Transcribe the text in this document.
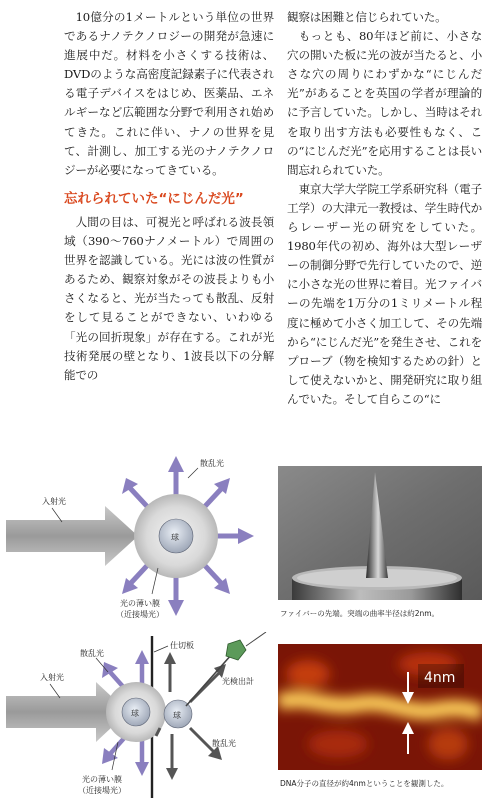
10億分の1メートルという単位の世界であるナノテクノロジーの開発が急速に進展中だ。材料を小さくする技術は、DVDのような高密度記録素子に代表される電子デバイスをはじめ、医薬品、エネルギーなど広範囲な分野で利用され始めてきた。これに伴い、ナノの世界を見て、計測し、加工する光のナノテクノロジーが必要になってきている。

忘れられていた“にじんだ光”

人間の目は、可視光と呼ばれる波長領域（390～760ナノメートル）で周囲の世界を認識している。光には波の性質があるため、観察対象がその波長よりも小さくなると、光が当たっても散乱、反射をして見ることができない、いわゆる「光の回折現象」が存在する。これが光技術発展の壁となり、1波長以下の分解能での

観察は困難と信じられていた。

もっとも、80年ほど前に、小さな穴の開いた板に光の波が当たると、小さな穴の周りにわずかな“にじんだ光”があることを英国の学者が理論的に予言していた。しかし、当時はそれを取り出す方法も必要性もなく、この“にじんだ光”を応用することは長い間忘れられていた。

東京大学大学院工学系研究科（電子工学）の大津元一教授は、学生時代からレーザー光の研究をしていた。1980年代の初め、海外は大型レーザーの制御分野で先行していたので、逆に小さな光の世界に着目。光ファイバーの先端を1万分の1ミリメートル程度に極めて小さく加工して、その先端から“にじんだ光”を発生させ、これをプローブ（物を検知するための針）として使えないかと、開発研究に取り組んでいた。そして自らこの“に

入射光
球
散乱光
光の薄い膜
（近接場光）
入射光
仕切板
球	球
光検出計
散乱光
散乱光
光の薄い膜
（近接場光）
ファイバーの先端。突端の曲率半径は約2nm。
4nm
DNA分子の直径が約4nmということを観測した。
